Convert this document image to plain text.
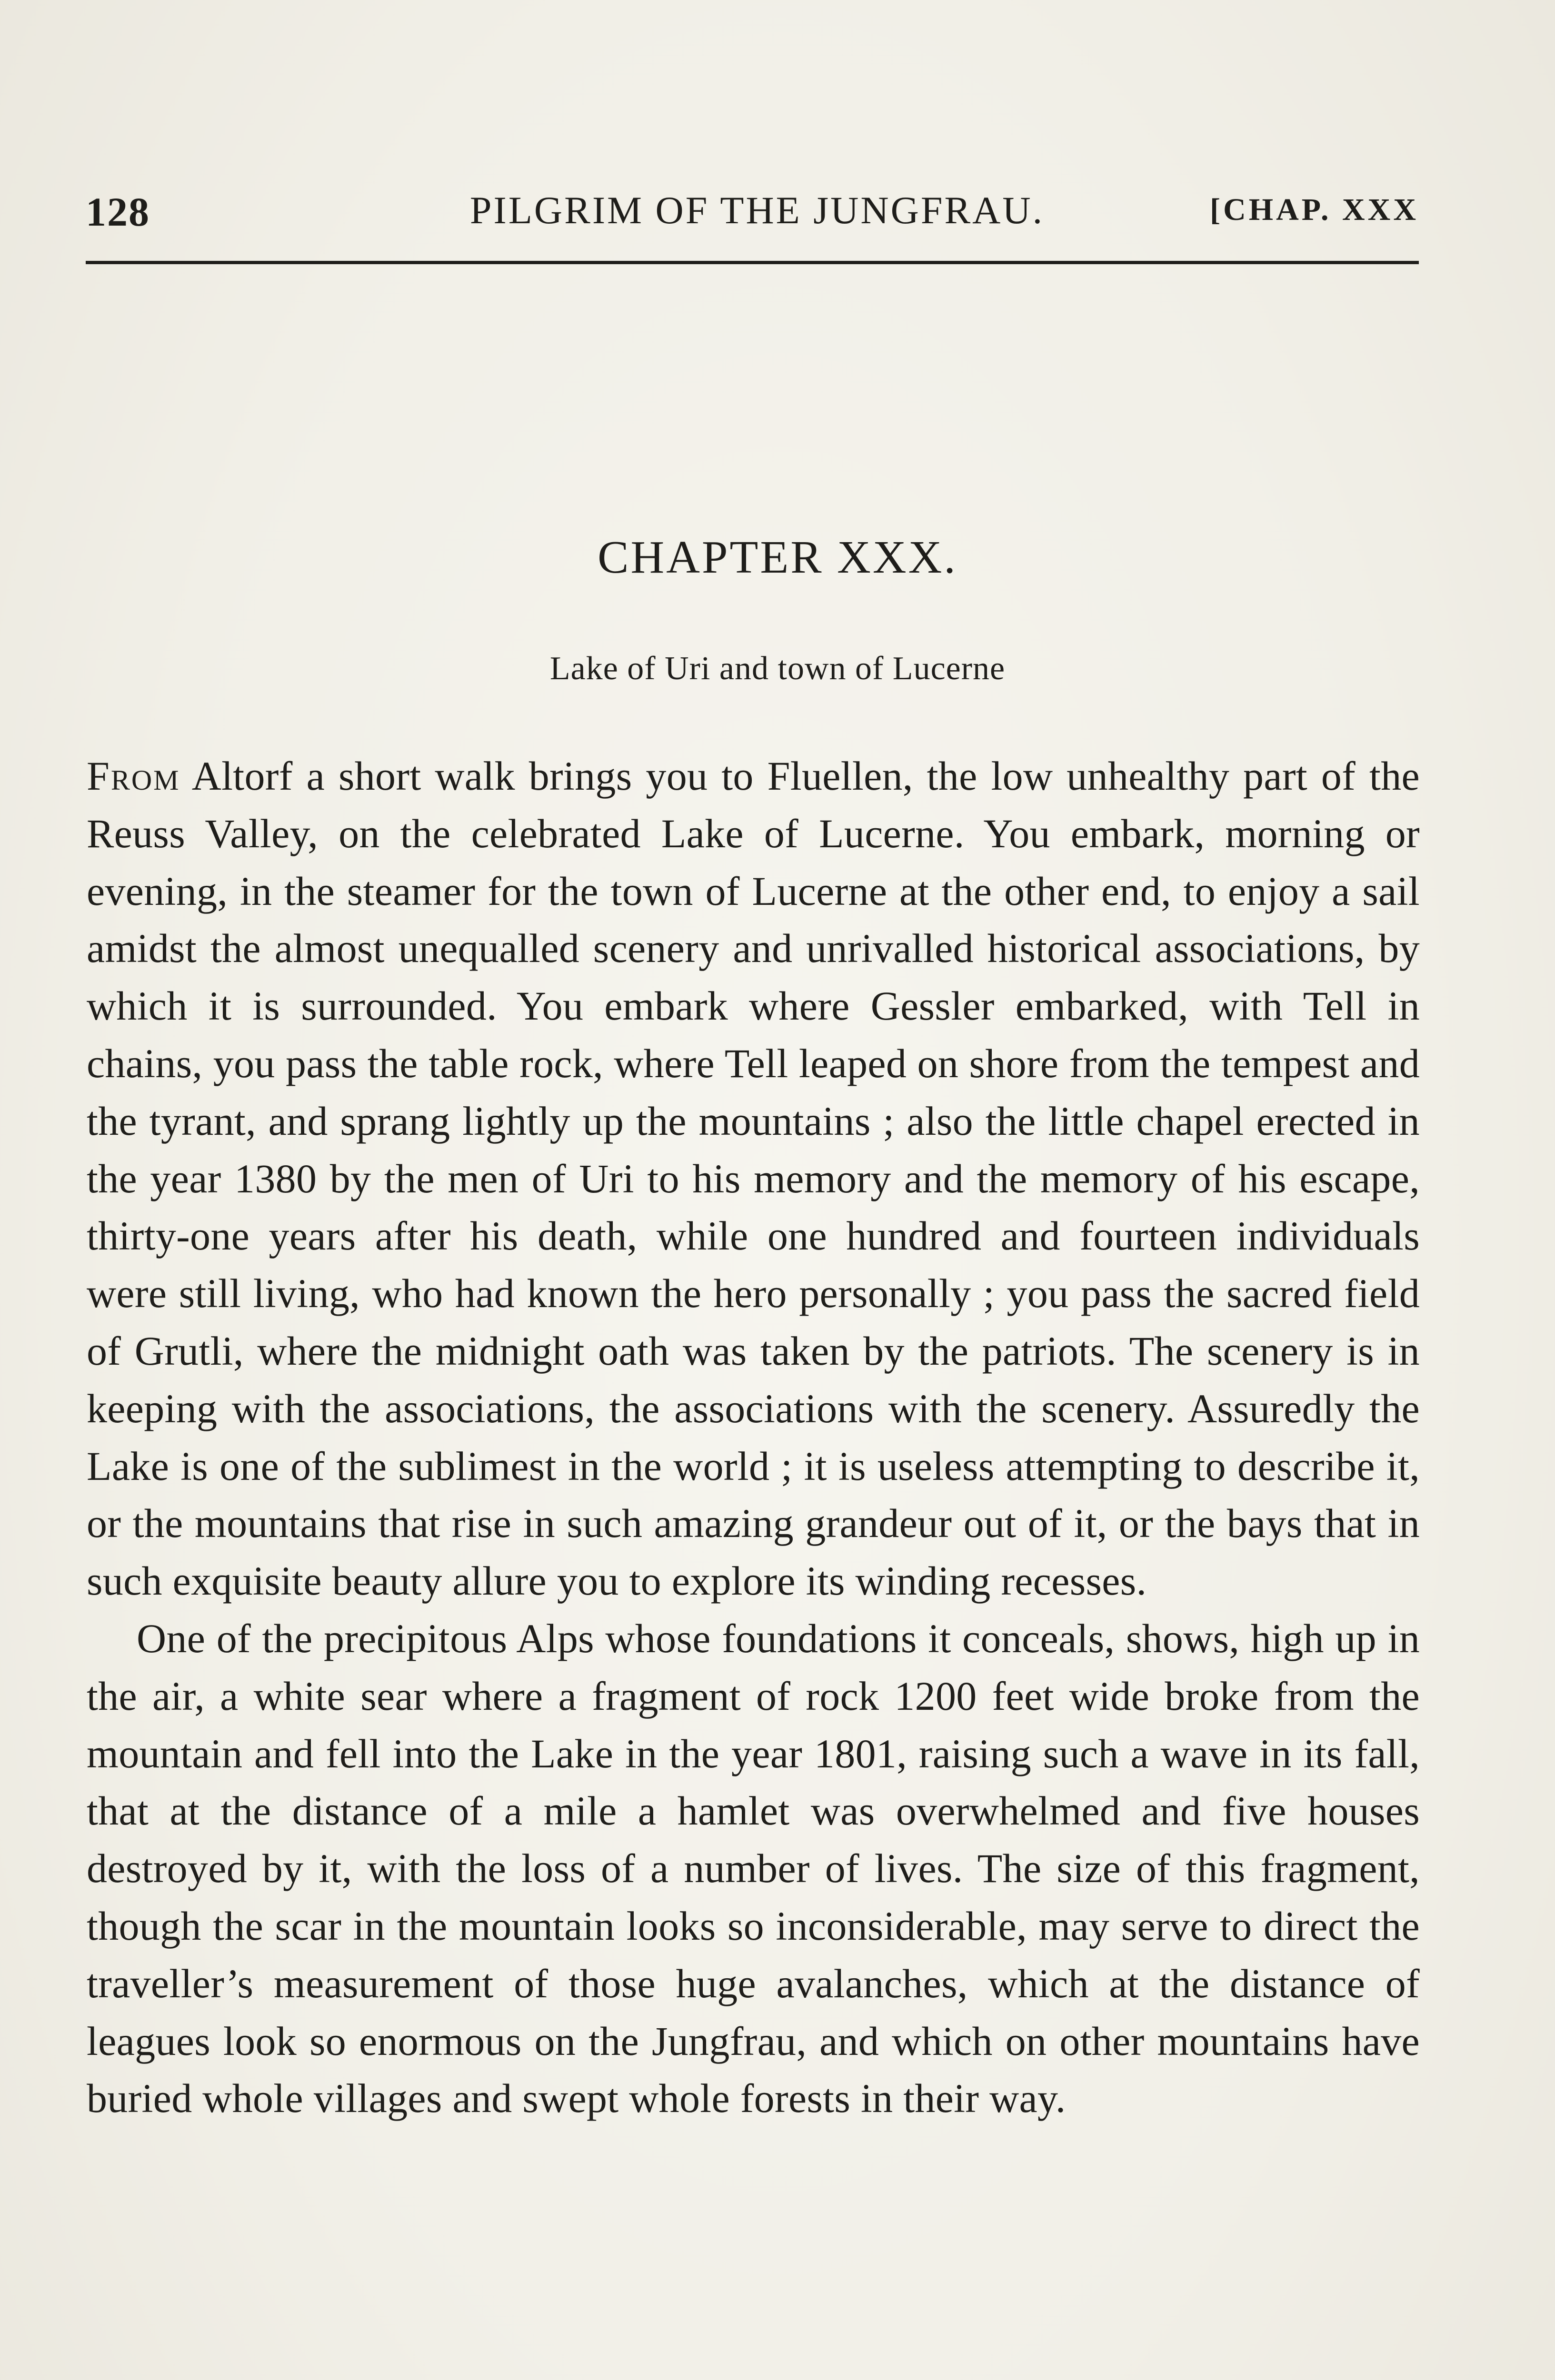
128	PILGRIM OF THE JUNGFRAU.	[CHAP. XXX
CHAPTER XXX.
Lake of Uri and town of Lucerne

From Altorf a short walk brings you to Fluellen, the low unhealthy part of the Reuss Valley, on the celebrated Lake of Lucerne. You embark, morning or evening, in the steamer for the town of Lucerne at the other end, to enjoy a sail amidst the almost unequalled scenery and unrivalled historical associations, by which it is surrounded. You embark where Gessler embarked, with Tell in chains, you pass the table rock, where Tell leaped on shore from the tempest and the tyrant, and sprang lightly up the mountains ; also the little chapel erected in the year 1380 by the men of Uri to his memory and the memory of his escape, thirty-one years after his death, while one hundred and fourteen individuals were still living, who had known the hero personally ; you pass the sacred field of Grutli, where the midnight oath was taken by the patriots. The scenery is in keeping with the associations, the associations with the scenery. Assuredly the Lake is one of the sublimest in the world ; it is useless attempting to describe it, or the mountains that rise in such amazing grandeur out of it, or the bays that in such exquisite beauty allure you to explore its winding recesses.

One of the precipitous Alps whose foundations it conceals, shows, high up in the air, a white sear where a fragment of rock 1200 feet wide broke from the mountain and fell into the Lake in the year 1801, raising such a wave in its fall, that at the distance of a mile a hamlet was overwhelmed and five houses destroyed by it, with the loss of a number of lives. The size of this fragment, though the scar in the mountain looks so inconsiderable, may serve to direct the traveller’s measurement of those huge avalanches, which at the distance of leagues look so enormous on the Jungfrau, and which on other mountains have buried whole villages and swept whole forests in their way.
